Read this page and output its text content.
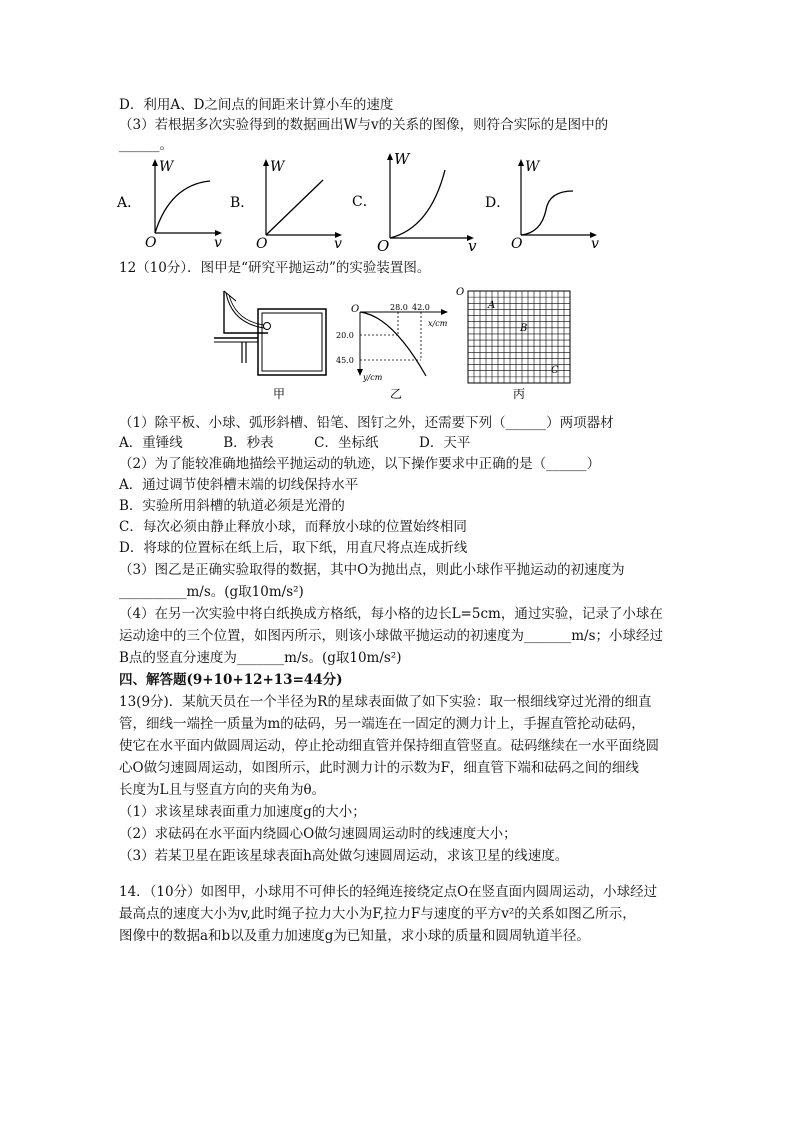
D．利用A、D之间点的间距来计算小车的速度
（3）若根据多次实验得到的数据画出W与v的关系的图像，则符合实际的是图中的
______。
A．
W
O	v
B．
W
O	v
C．
W
O	v
D．
W
O	v
12（10分）．图甲是“研究平抛运动”的实验装置图。
甲
O	28.0 42.0
x/cm
20.0
45.0
y/cm
乙
O
A
B
C
丙
（1）除平板、小球、弧形斜槽、铅笔、图钉之外，还需要下列（______）两项器材
A．重锤线　　　B．秒表　　　C．坐标纸　　　D．天平
（2）为了能较准确地描绘平抛运动的轨迹，以下操作要求中正确的是（______）
A．通过调节使斜槽末端的切线保持水平
B．实验所用斜槽的轨道必须是光滑的
C．每次必须由静止释放小球，而释放小球的位置始终相同
D．将球的位置标在纸上后，取下纸，用直尺将点连成折线
（3）图乙是正确实验取得的数据，其中O为抛出点，则此小球作平抛运动的初速度为
__________m/s。(g取10m/s²)
（4）在另一次实验中将白纸换成方格纸，每小格的边长L=5cm，通过实验，记录了小球在
运动途中的三个位置，如图丙所示，则该小球做平抛运动的初速度为_______m/s；小球经过
B点的竖直分速度为_______m/s。(g取10m/s²)
四、解答题(9+10+12+13=44分)
13(9分)．某航天员在一个半径为R的星球表面做了如下实验：取一根细线穿过光滑的细直
管，细线一端拴一质量为m的砝码，另一端连在一固定的测力计上，手握直管抡动砝码，
使它在水平面内做圆周运动，停止抡动细直管并保持细直管竖直。砝码继续在一水平面绕圆
心O做匀速圆周运动，如图所示，此时测力计的示数为F，细直管下端和砝码之间的细线
长度为L且与竖直方向的夹角为θ。
（1）求该星球表面重力加速度g的大小；
（2）求砝码在水平面内绕圆心O做匀速圆周运动时的线速度大小；
（3）若某卫星在距该星球表面h高处做匀速圆周运动，求该卫星的线速度。
14．（10分）如图甲，小球用不可伸长的轻绳连接绕定点O在竖直面内圆周运动，小球经过
最高点的速度大小为v,此时绳子拉力大小为F,拉力F与速度的平方v²的关系如图乙所示，
图像中的数据a和b以及重力加速度g为已知量，求小球的质量和圆周轨道半径。
